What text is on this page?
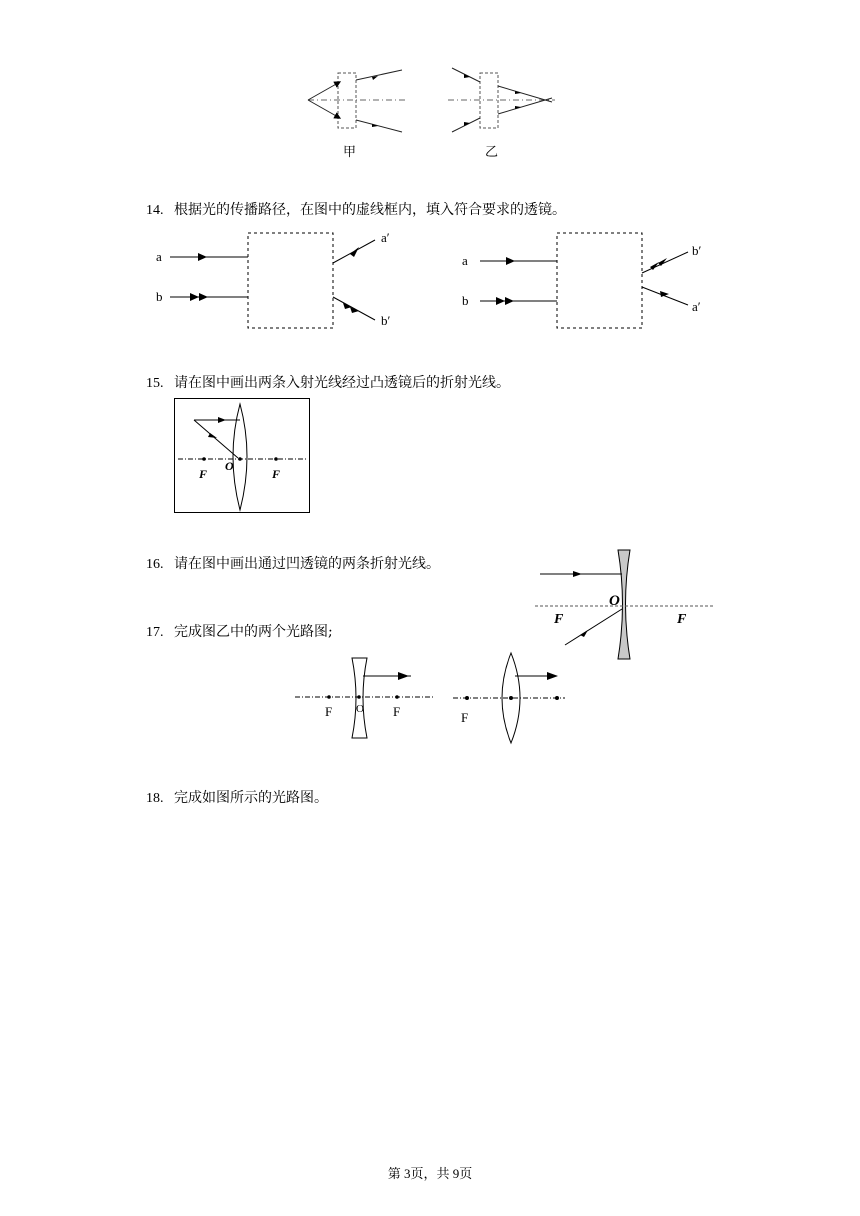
甲	乙
14. 根据光的传播路径，在图中的虚线框内，填入符合要求的透镜。
a
b
a′
b′
a
b
b′
a′
15. 请在图中画出两条入射光线经过凸透镜后的折射光线。
F
O
F
16. 请在图中画出通过凹透镜的两条折射光线。
O
F	F
17. 完成图乙中的两个光路图;
F O F	F
18. 完成如图所示的光路图。
第 3页，共 9页
